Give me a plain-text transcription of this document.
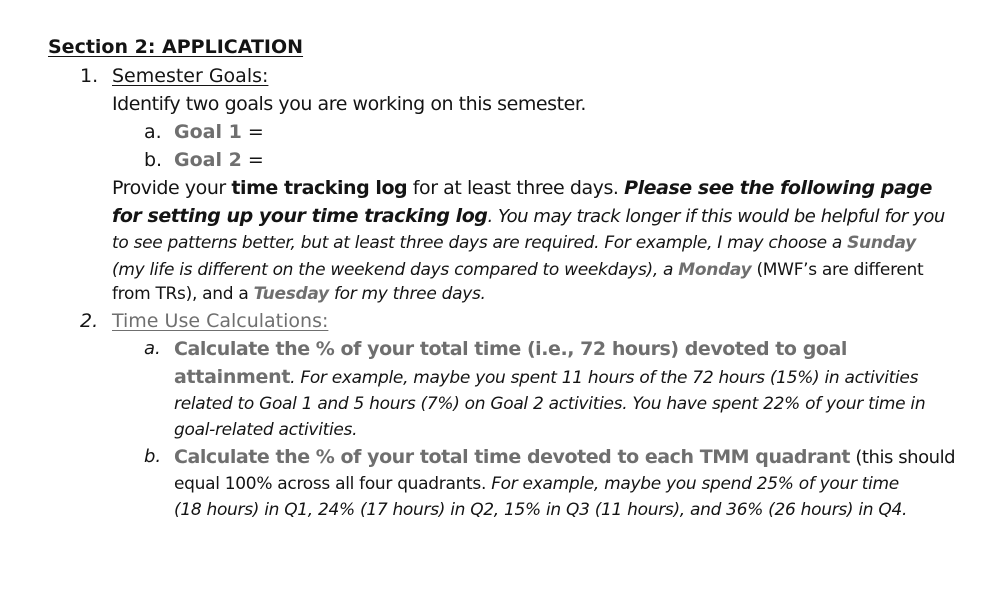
Section 2: APPLICATION
1. Semester Goals:
Identify two goals you are working on this semester.
a. Goal 1 =
b. Goal 2 =
Provide your time tracking log for at least three days. Please see the following page
for setting up your time tracking log. You may track longer if this would be helpful for you
to see patterns better, but at least three days are required. For example, I may choose a Sunday
(my life is different on the weekend days compared to weekdays), a Monday (MWF’s are different
from TRs), and a Tuesday for my three days.
2. Time Use Calculations:
a. Calculate the % of your total time (i.e., 72 hours) devoted to goal
attainment. For example, maybe you spent 11 hours of the 72 hours (15%) in activities
related to Goal 1 and 5 hours (7%) on Goal 2 activities. You have spent 22% of your time in
goal-related activities.
b. Calculate the % of your total time devoted to each TMM quadrant (this should
equal 100% across all four quadrants. For example, maybe you spend 25% of your time
(18 hours) in Q1, 24% (17 hours) in Q2, 15% in Q3 (11 hours), and 36% (26 hours) in Q4.
